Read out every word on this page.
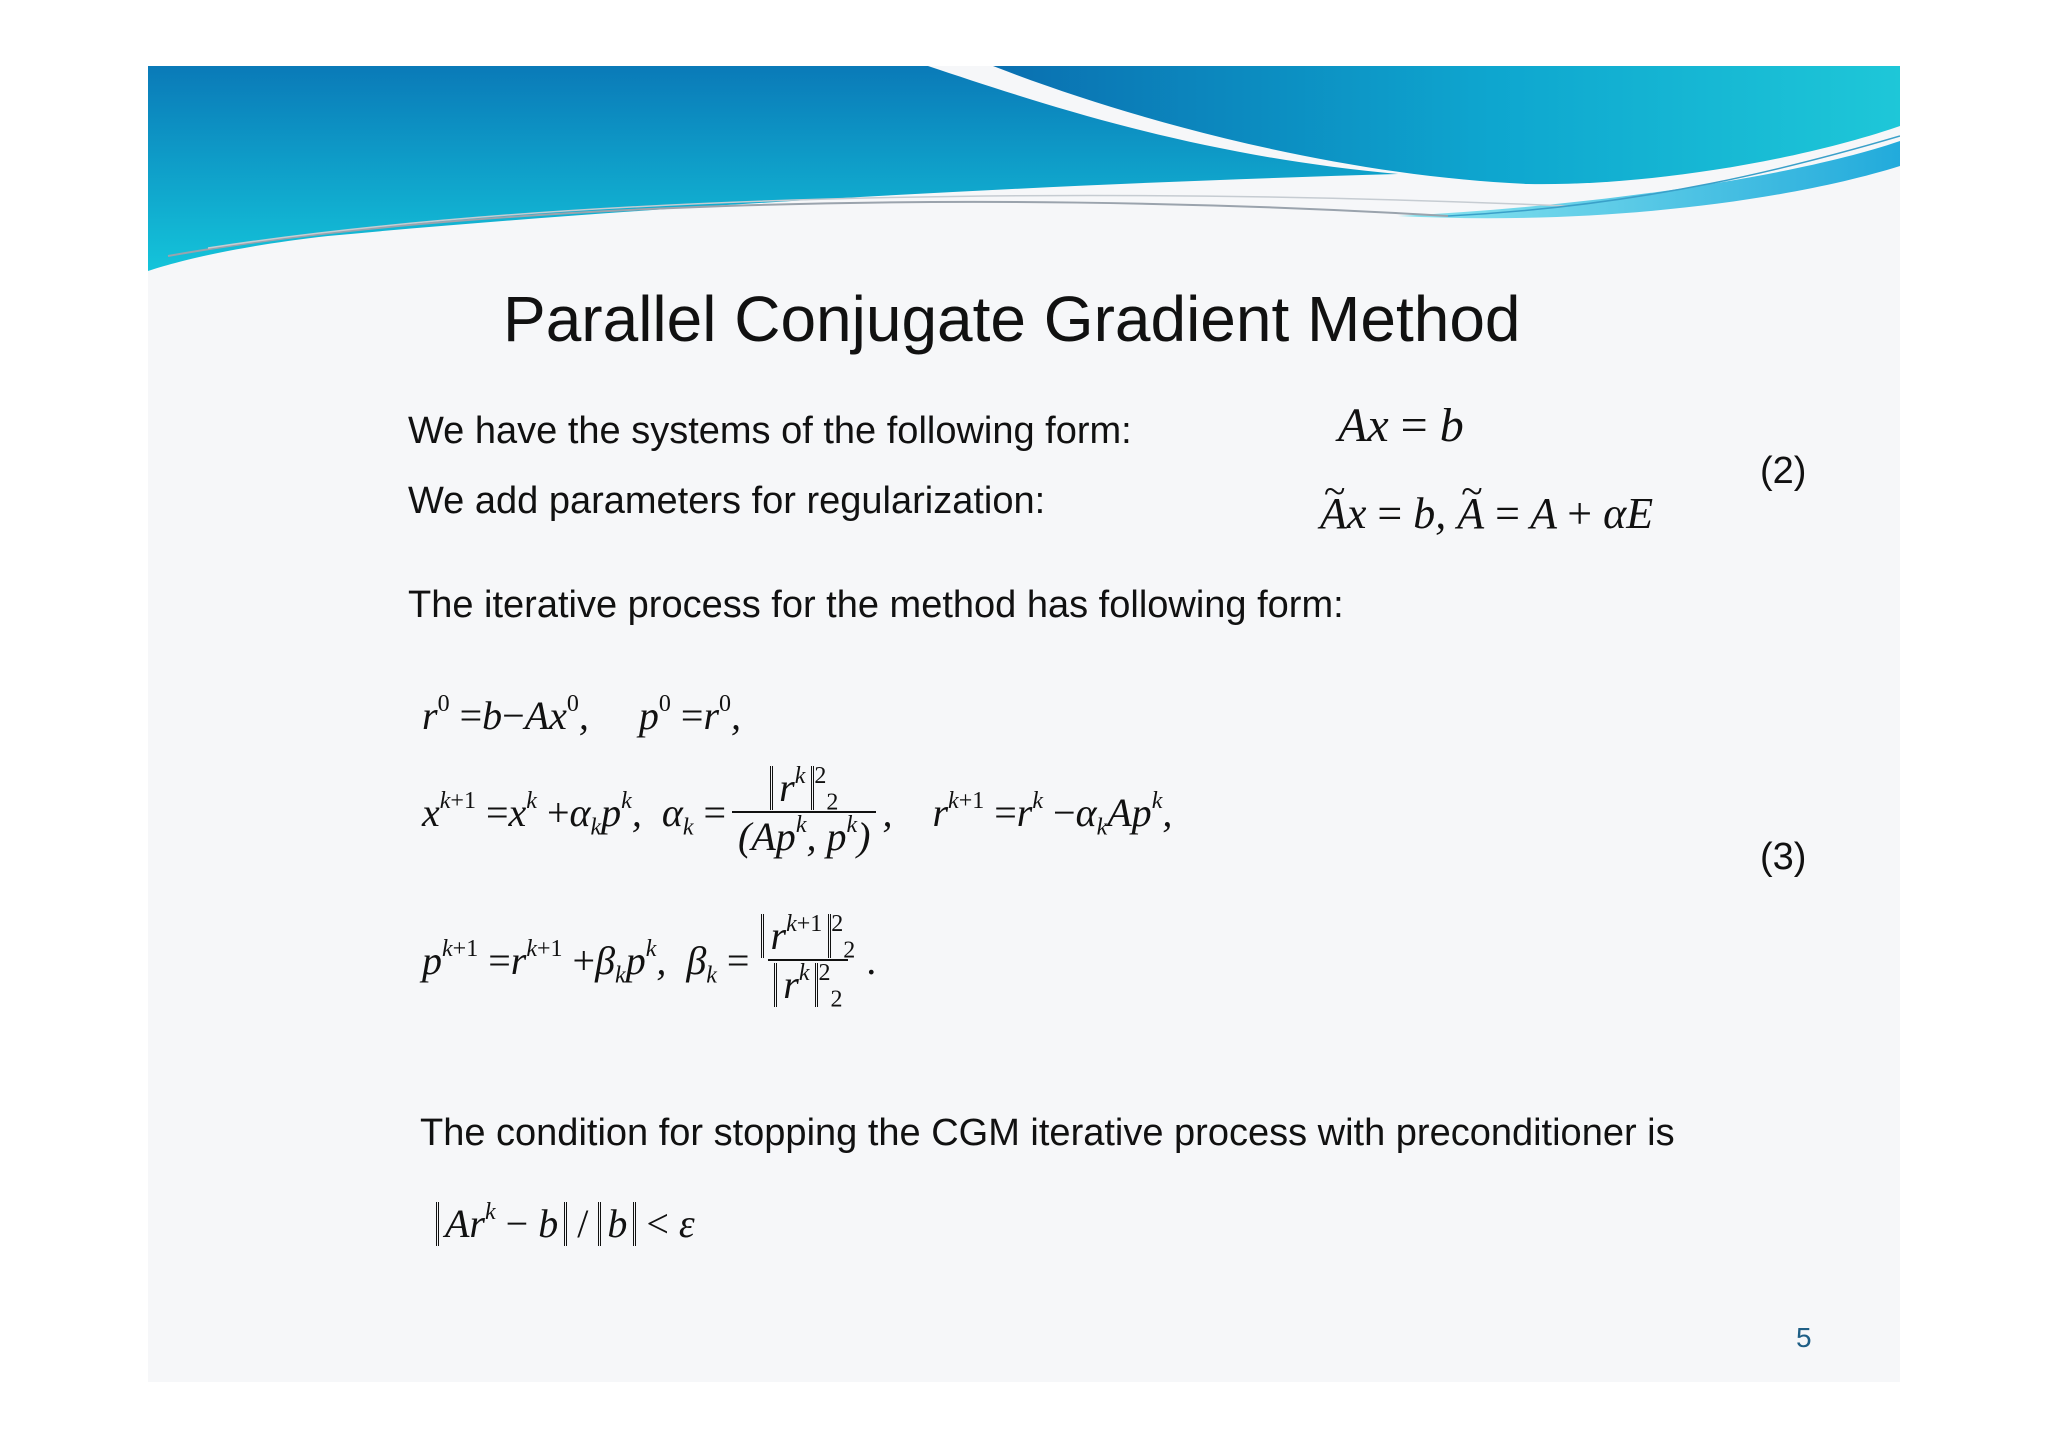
Parallel Conjugate Gradient Method
We have the systems of the following form:	Ax = b
We add parameters for regularization:
~	Ax = b, ~ A = A + αE
(2)
The iterative process for the method has following form:
$r^0 =b-Ax^0$,     $p^0 =r^0$,
$x^{k+1} =x^k +\alpha_kp^k$,  $\alpha_k = \frac{r^k ^2_2}{(Ap^k, p^k)}$ ,    $r^{k+1} =r^k -\alpha_kAp^k$,
(3)
$p^{k+1} =r^{k+1} +\beta_kp^k$,  $\beta_k = \frac{r^{k+1} ^2_2}{r^k ^2_2}$ .
The condition for stopping the CGM iterative process with preconditioner is
$Ar^k - b / b < \varepsilon$
5
